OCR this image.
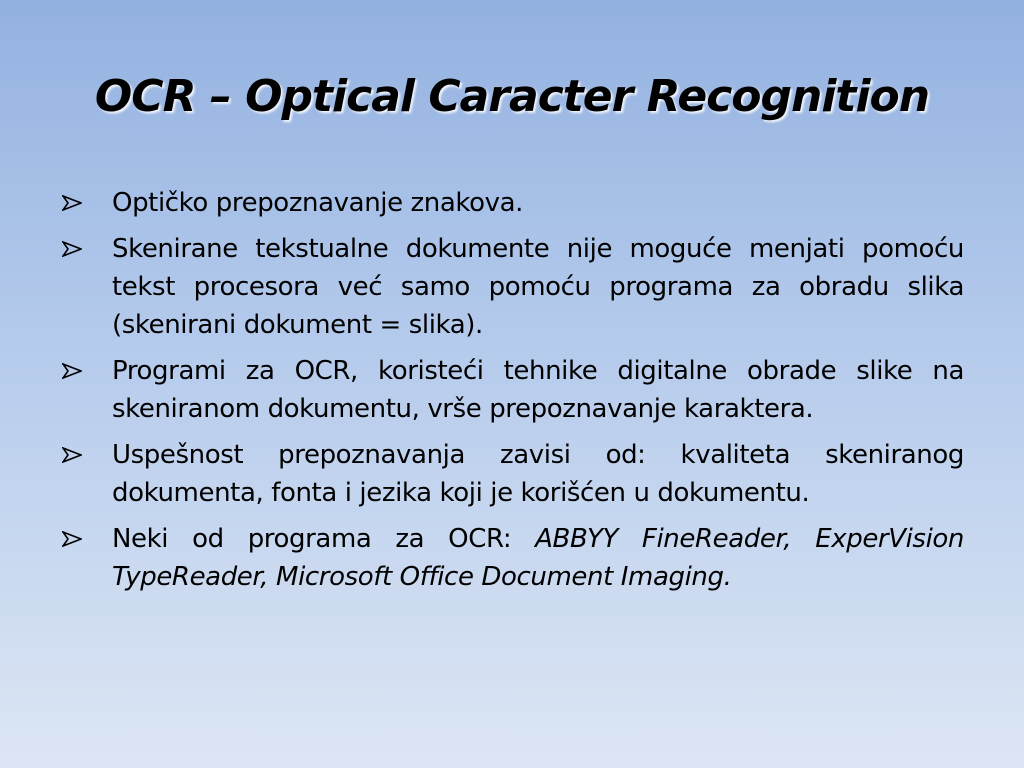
OCR – Optical Caracter Recognition
Optičko prepoznavanje znakova.
Skenirane tekstualne dokumente nije moguće menjati pomoću tekst procesora već samo pomoću programa za obradu slika (skenirani dokument = slika).
Programi za OCR, koristeći tehnike digitalne obrade slike na skeniranom dokumentu, vrše prepoznavanje karaktera.
Uspešnost prepoznavanja zavisi od: kvaliteta skeniranog dokumenta, fonta i jezika koji je korišćen u dokumentu.
Neki od programa za OCR: ABBYY FineReader, ExperVision TypeReader, Microsoft Office Document Imaging.
